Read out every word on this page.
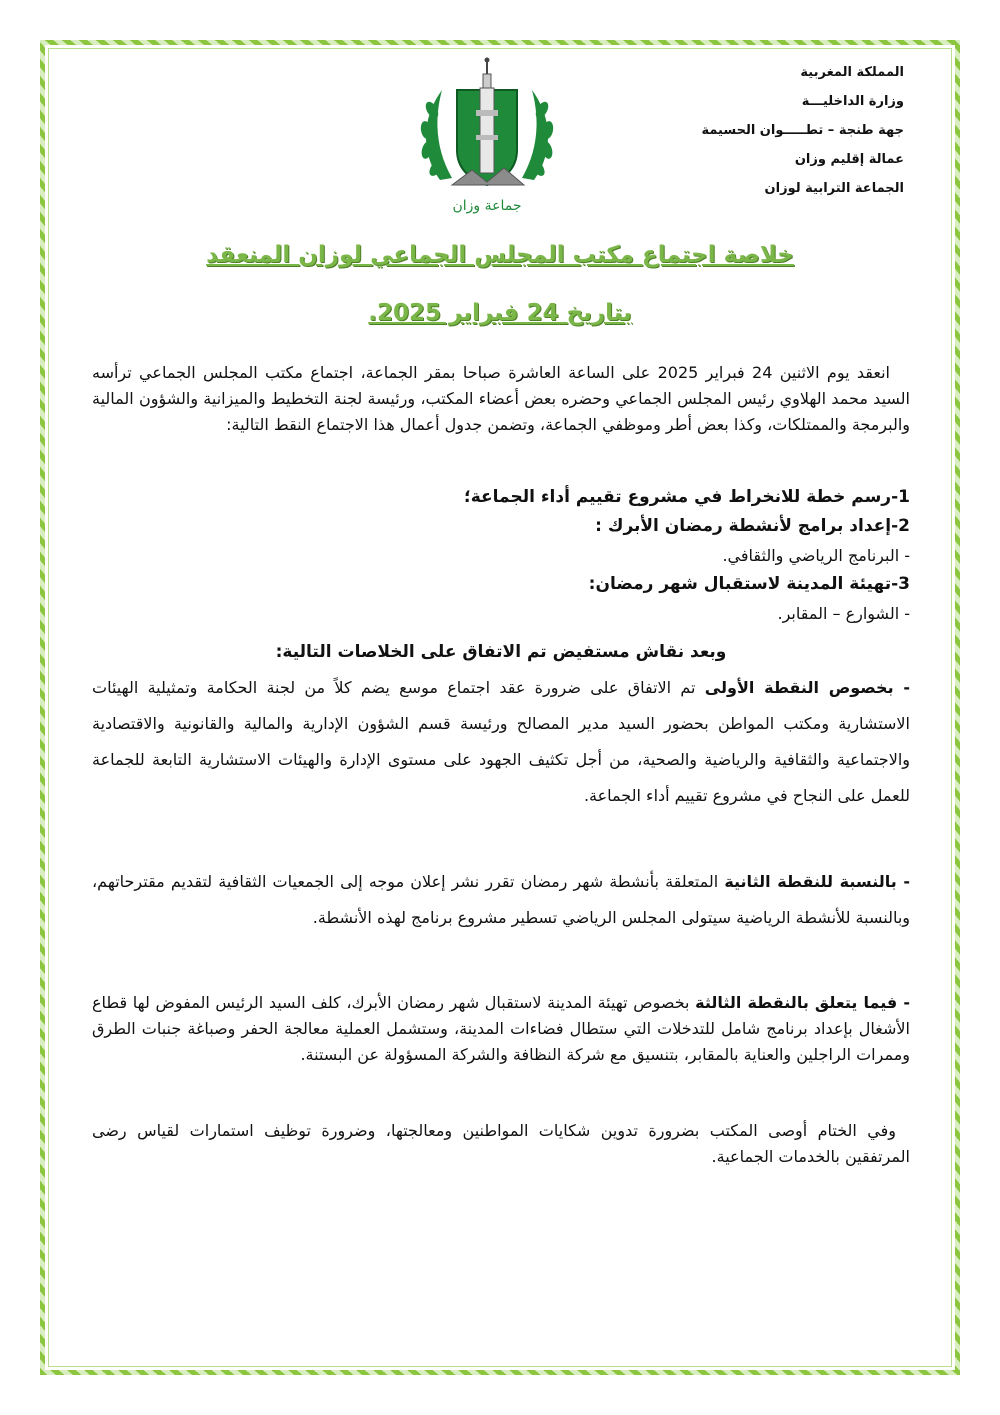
المملكة المغربية
وزارة الداخليـــة
جهة طنجة – تطـــــوان الحسيمة
عمالة إقليم وزان
الجماعة الترابية لوزان
جماعة وزان
خلاصة اجتماع مكتب المجلس الجماعي لوزان المنعقد
بتاريخ 24 فبراير 2025.
انعقد يوم الاثنين 24 فبراير 2025 على الساعة العاشرة صباحا بمقر الجماعة، اجتماع مكتب المجلس الجماعي ترأسه السيد محمد الهلاوي رئيس المجلس الجماعي وحضره بعض أعضاء المكتب، ورئيسة لجنة التخطيط والميزانية والشؤون المالية والبرمجة والممتلكات، وكذا بعض أطر وموظفي الجماعة، وتضمن جدول أعمال هذا الاجتماع النقط التالية:
1-رسم خطة للانخراط في مشروع تقييم أداء الجماعة؛
2-إعداد برامج لأنشطة رمضان الأبرك :
- البرنامج الرياضي والثقافي.
3-تهيئة المدينة لاستقبال شهر رمضان:
- الشوارع – المقابر.
وبعد نقاش مستفيض تم الاتفاق على الخلاصات التالية:
- بخصوص النقطة الأولى تم الاتفاق على ضرورة عقد اجتماع موسع يضم كلاً من لجنة الحكامة وتمثيلية الهيئات الاستشارية ومكتب المواطن بحضور السيد مدير المصالح ورئيسة قسم الشؤون الإدارية والمالية والقانونية والاقتصادية والاجتماعية والثقافية والرياضية والصحية، من أجل تكثيف الجهود على مستوى الإدارة والهيئات الاستشارية التابعة للجماعة للعمل على النجاح في مشروع تقييم أداء الجماعة.
- بالنسبة للنقطة الثانية المتعلقة بأنشطة شهر رمضان تقرر نشر إعلان موجه إلى الجمعيات الثقافية لتقديم مقترحاتهم، وبالنسبة للأنشطة الرياضية سيتولى المجلس الرياضي تسطير مشروع برنامج لهذه الأنشطة.
- فيما يتعلق بالنقطة الثالثة بخصوص تهيئة المدينة لاستقبال شهر رمضان الأبرك، كلف السيد الرئيس المفوض لها قطاع الأشغال بإعداد برنامج شامل للتدخلات التي ستطال فضاءات المدينة، وستشمل العملية معالجة الحفر وصباغة جنبات الطرق وممرات الراجلين والعناية بالمقابر، بتنسيق مع شركة النظافة والشركة المسؤولة عن البستنة.
وفي الختام أوصى المكتب بضرورة تدوين شكايات المواطنين ومعالجتها، وضرورة توظيف استمارات لقياس رضى المرتفقين بالخدمات الجماعية.
